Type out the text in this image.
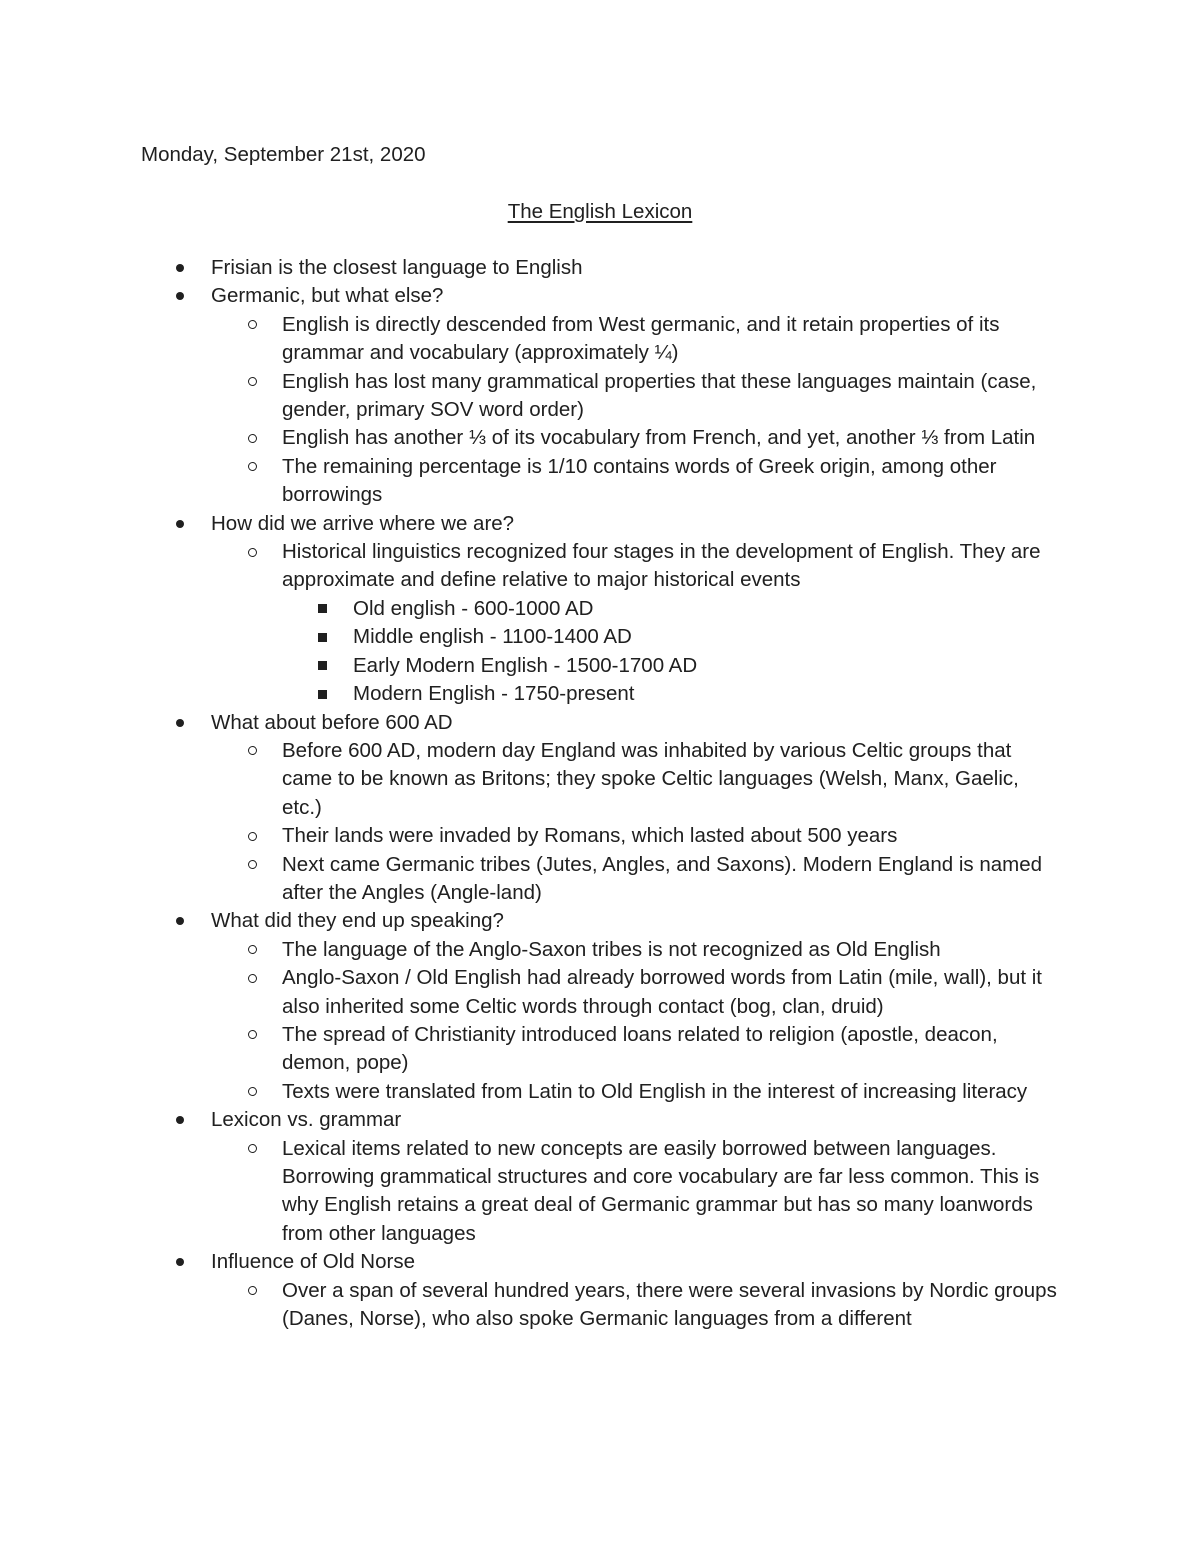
Monday, September 21st, 2020

The English Lexicon
Frisian is the closest language to English
Germanic, but what else?
English is directly descended from West germanic, and it retain properties of its grammar and vocabulary (approximately ¼)
English has lost many grammatical properties that these languages maintain (case, gender, primary SOV word order)
English has another ⅓ of its vocabulary from French, and yet, another ⅓ from Latin
The remaining percentage is 1/10 contains words of Greek origin, among other borrowings
How did we arrive where we are?
Historical linguistics recognized four stages in the development of English. They are approximate and define relative to major historical events
Old english - 600-1000 AD
Middle english - 1100-1400 AD
Early Modern English - 1500-1700 AD
Modern English - 1750-present
What about before 600 AD
Before 600 AD, modern day England was inhabited by various Celtic groups that came to be known as Britons; they spoke Celtic languages (Welsh, Manx, Gaelic, etc.)
Their lands were invaded by Romans, which lasted about 500 years
Next came Germanic tribes (Jutes, Angles, and Saxons). Modern England is named after the Angles (Angle-land)
What did they end up speaking?
The language of the Anglo-Saxon tribes is not recognized as Old English
Anglo-Saxon / Old English had already borrowed words from Latin (mile, wall), but it also inherited some Celtic words through contact (bog, clan, druid)
The spread of Christianity introduced loans related to religion (apostle, deacon, demon, pope)
Texts were translated from Latin to Old English in the interest of increasing literacy
Lexicon vs. grammar
Lexical items related to new concepts are easily borrowed between languages. Borrowing grammatical structures and core vocabulary are far less common. This is why English retains a great deal of Germanic grammar but has so many loanwords from other languages
Influence of Old Norse
Over a span of several hundred years, there were several invasions by Nordic groups (Danes, Norse), who also spoke Germanic languages from a different
